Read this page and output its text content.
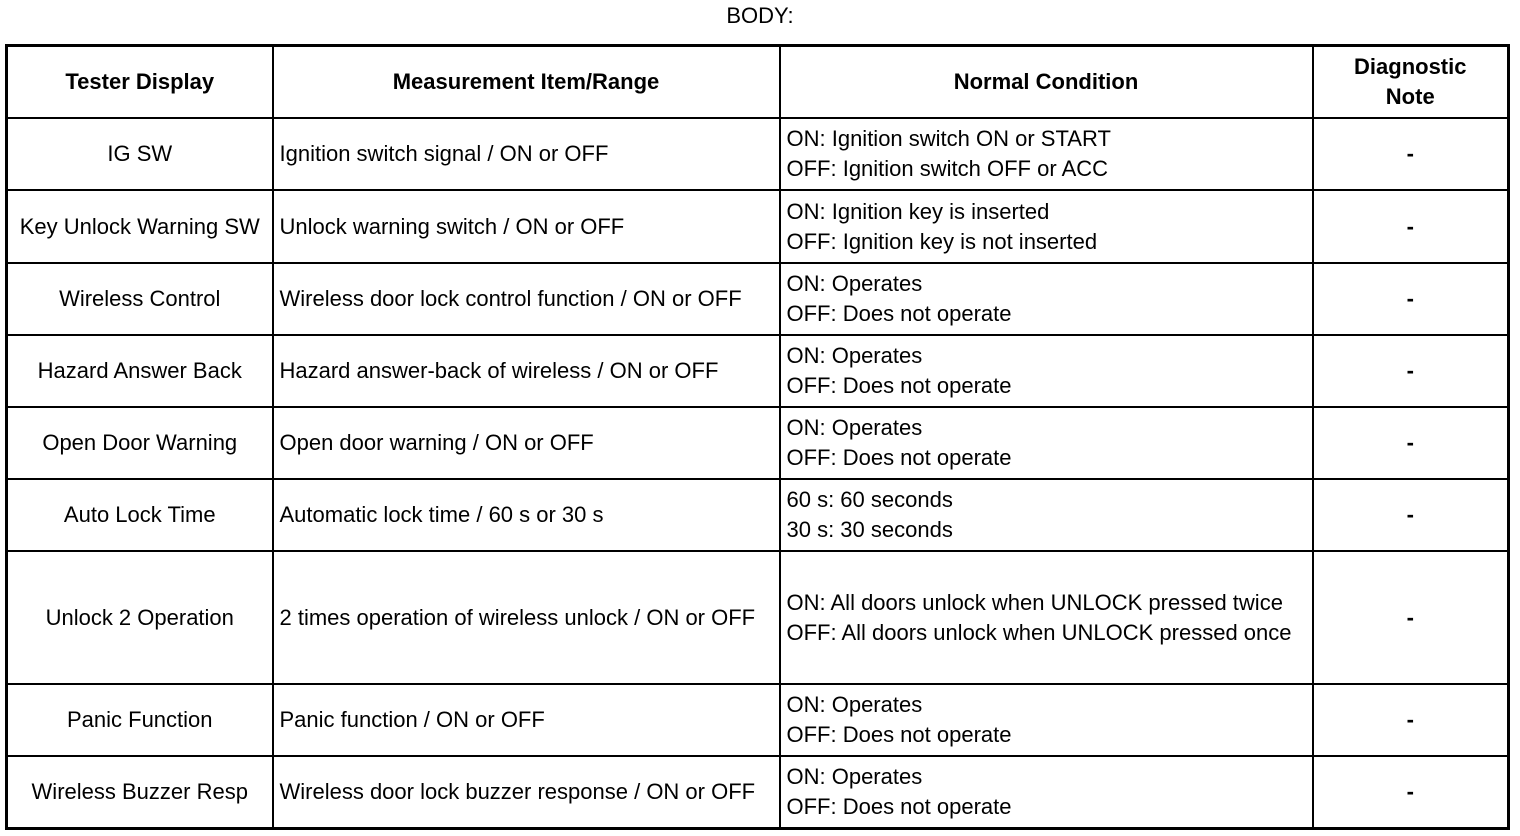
BODY:
Tester Display	Measurement Item/Range	Normal Condition	Diagnostic
Note

IG SW	Ignition switch signal / ON or OFF	ON: Ignition switch ON or START
OFF: Ignition switch OFF or ACC	-
Key Unlock Warning SW	Unlock warning switch / ON or OFF	ON: Ignition key is inserted
OFF: Ignition key is not inserted	-
Wireless Control	Wireless door lock control function / ON or OFF	ON: Operates
OFF: Does not operate	-
Hazard Answer Back	Hazard answer-back of wireless / ON or OFF	ON: Operates
OFF: Does not operate	-
Open Door Warning	Open door warning / ON or OFF	ON: Operates
OFF: Does not operate	-
Auto Lock Time	Automatic lock time / 60 s or 30 s	60 s: 60 seconds
30 s: 30 seconds	-
Unlock 2 Operation	2 times operation of wireless unlock / ON or OFF	ON: All doors unlock when UNLOCK pressed twice
OFF: All doors unlock when UNLOCK pressed once	-
Panic Function	Panic function / ON or OFF	ON: Operates
OFF: Does not operate	-
Wireless Buzzer Resp	Wireless door lock buzzer response / ON or OFF	ON: Operates
OFF: Does not operate	-
